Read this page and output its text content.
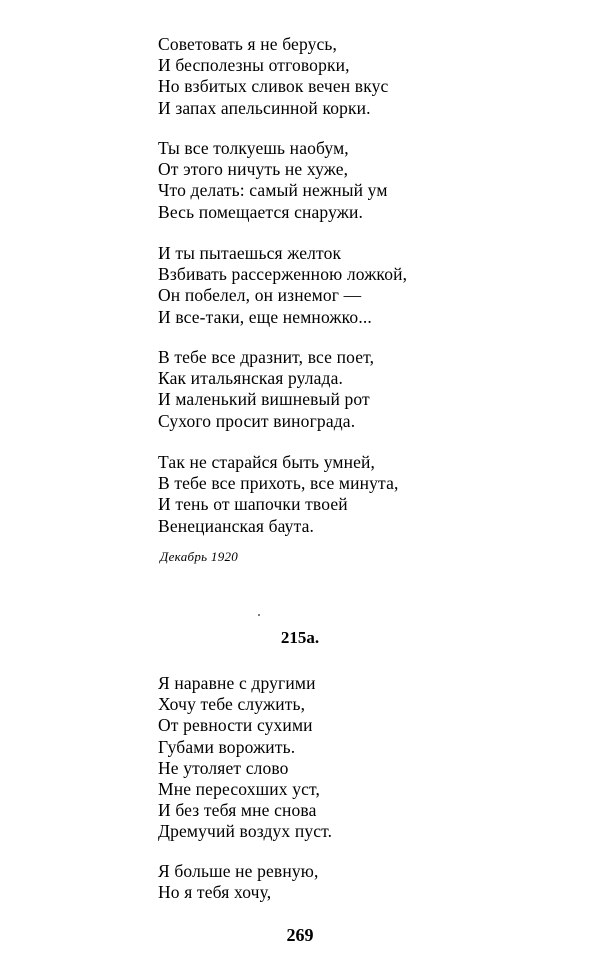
Советовать я не берусь,
И бесполезны отговорки,
Но взбитых сливок вечен вкус
И запах апельсинной корки.
Ты все толкуешь наобум,
От этого ничуть не хуже,
Что делать: самый нежный ум
Весь помещается снаружи.
И ты пытаешься желток
Взбивать рассерженною ложкой,
Он побелел, он изнемог —
И все-таки, еще немножко...
В тебе все дразнит, все поет,
Как итальянская рулада.
И маленький вишневый рот
Сухого просит винограда.
Так не старайся быть умней,
В тебе все прихоть, все минута,
И тень от шапочки твоей
Венецианская баута.
Декабрь 1920
215а.
Я наравне с другими
Хочу тебе служить,
От ревности сухими
Губами ворожить.
Не утоляет слово
Мне пересохших уст,
И без тебя мне снова
Дремучий воздух пуст.
Я больше не ревную,
Но я тебя хочу,
269
